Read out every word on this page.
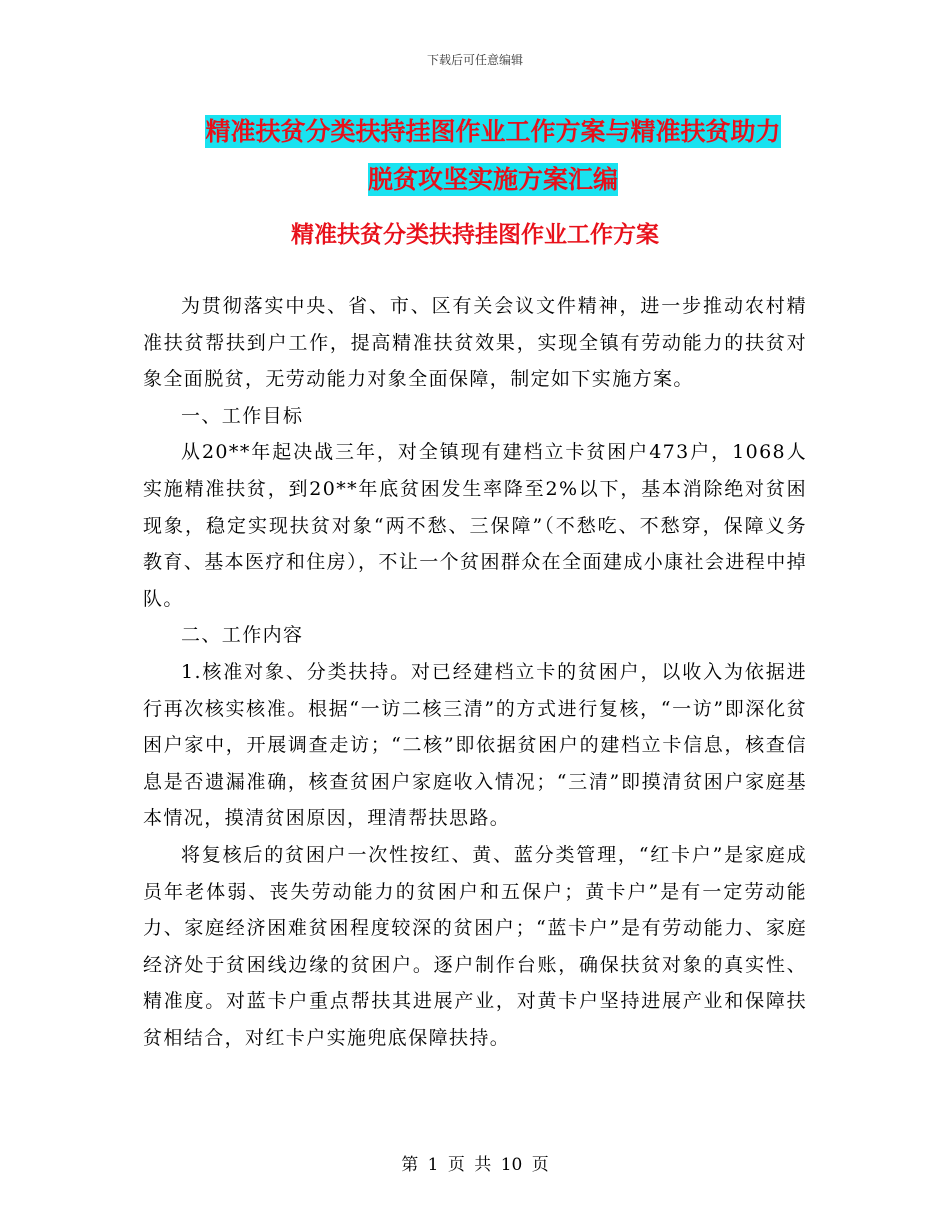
下载后可任意编辑
精准扶贫分类扶持挂图作业工作方案与精准扶贫助力
脱贫攻坚实施方案汇编
精准扶贫分类扶持挂图作业工作方案

为贯彻落实中央、省、市、区有关会议文件精神，进一步推动农村精准扶贫帮扶到户工作，提高精准扶贫效果，实现全镇有劳动能力的扶贫对象全面脱贫，无劳动能力对象全面保障，制定如下实施方案。

一、工作目标

从20**年起决战三年，对全镇现有建档立卡贫困户473户，1068人实施精准扶贫，到20**年底贫困发生率降至2%以下，基本消除绝对贫困现象，稳定实现扶贫对象“两不愁、三保障”（不愁吃、不愁穿，保障义务教育、基本医疗和住房），不让一个贫困群众在全面建成小康社会进程中掉队。

二、工作内容

1.核准对象、分类扶持。对已经建档立卡的贫困户，以收入为依据进行再次核实核准。根据“一访二核三清”的方式进行复核，“一访”即深化贫困户家中，开展调查走访；“二核”即依据贫困户的建档立卡信息，核查信息是否遗漏准确，核查贫困户家庭收入情况；“三清”即摸清贫困户家庭基本情况，摸清贫困原因，理清帮扶思路。

将复核后的贫困户一次性按红、黄、蓝分类管理，“红卡户”是家庭成员年老体弱、丧失劳动能力的贫困户和五保户；黄卡户”是有一定劳动能力、家庭经济困难贫困程度较深的贫困户；“蓝卡户”是有劳动能力、家庭经济处于贫困线边缘的贫困户。逐户制作台账，确保扶贫对象的真实性、精准度。对蓝卡户重点帮扶其进展产业，对黄卡户坚持进展产业和保障扶贫相结合，对红卡户实施兜底保障扶持。

第 1 页 共 10 页
